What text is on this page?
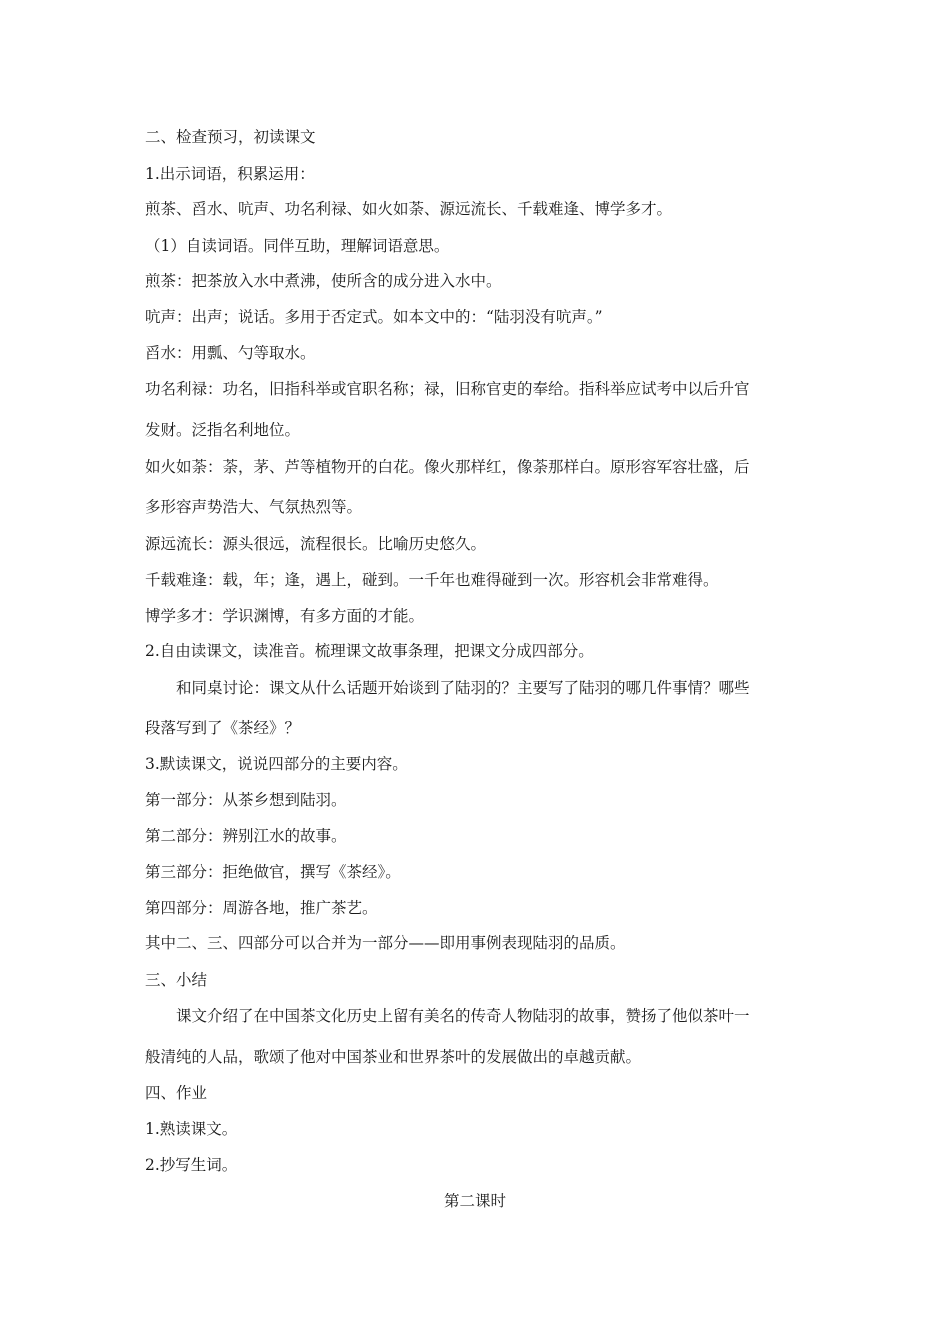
二、检查预习，初读课文
1.出示词语，积累运用：
煎茶、舀水、吭声、功名利禄、如火如荼、源远流长、千载难逢、博学多才。
（1）自读词语。同伴互助，理解词语意思。
煎茶：把茶放入水中煮沸，使所含的成分进入水中。
吭声：出声；说话。多用于否定式。如本文中的：“陆羽没有吭声。”
舀水：用瓢、勺等取水。
功名利禄：功名，旧指科举或官职名称；禄，旧称官吏的奉给。指科举应试考中以后升官
发财。泛指名利地位。
如火如荼：荼，茅、芦等植物开的白花。像火那样红，像荼那样白。原形容军容壮盛，后
多形容声势浩大、气氛热烈等。
源远流长：源头很远，流程很长。比喻历史悠久。
千载难逢：载，年；逢，遇上，碰到。一千年也难得碰到一次。形容机会非常难得。
博学多才：学识渊博，有多方面的才能。
2.自由读课文，读准音。梳理课文故事条理，把课文分成四部分。
和同桌讨论：课文从什么话题开始谈到了陆羽的？主要写了陆羽的哪几件事情？哪些
段落写到了《茶经》？
3.默读课文，说说四部分的主要内容。
第一部分：从茶乡想到陆羽。
第二部分：辨别江水的故事。
第三部分：拒绝做官，撰写《茶经》。
第四部分：周游各地，推广茶艺。
其中二、三、四部分可以合并为一部分——即用事例表现陆羽的品质。
三、小结
课文介绍了在中国茶文化历史上留有美名的传奇人物陆羽的故事，赞扬了他似茶叶一
般清纯的人品，歌颂了他对中国茶业和世界茶叶的发展做出的卓越贡献。
四、作业
1.熟读课文。
2.抄写生词。
第二课时
